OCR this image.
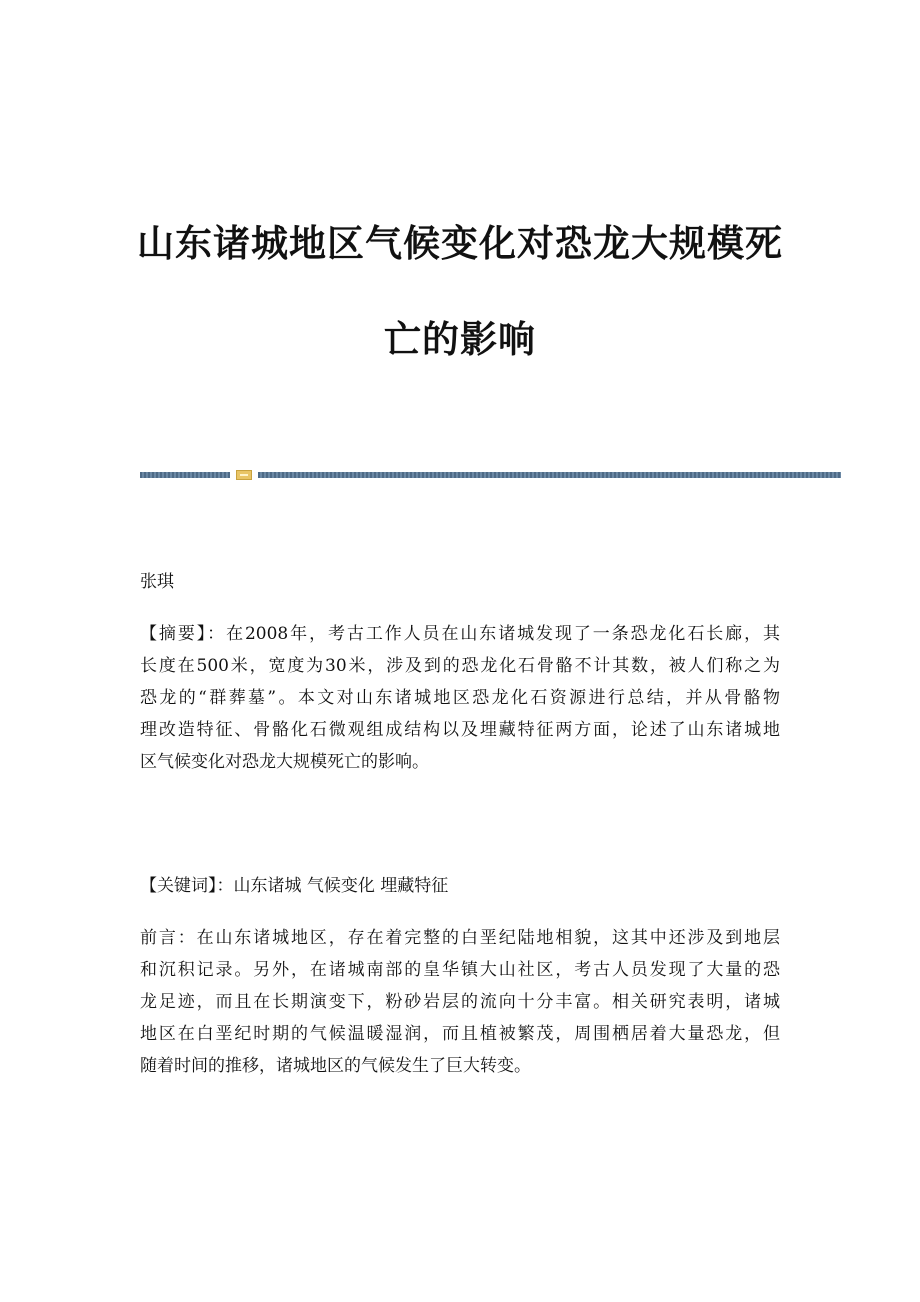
山东诸城地区气候变化对恐龙大规模死
亡的影响

张琪

【摘要】：在2008年，考古工作人员在山东诸城发现了一条恐龙化石长廊，其
长度在500米，宽度为30米，涉及到的恐龙化石骨骼不计其数，被人们称之为
恐龙的“群葬墓”。本文对山东诸城地区恐龙化石资源进行总结，并从骨骼物
理改造特征、骨骼化石微观组成结构以及埋藏特征两方面，论述了山东诸城地
区气候变化对恐龙大规模死亡的影响。

【关键词】：山东诸城 气候变化 埋藏特征

前言：在山东诸城地区，存在着完整的白垩纪陆地相貌，这其中还涉及到地层
和沉积记录。另外，在诸城南部的皇华镇大山社区，考古人员发现了大量的恐
龙足迹，而且在长期演变下，粉砂岩层的流向十分丰富。相关研究表明，诸城
地区在白垩纪时期的气候温暖湿润，而且植被繁茂，周围栖居着大量恐龙，但
随着时间的推移，诸城地区的气候发生了巨大转变。
